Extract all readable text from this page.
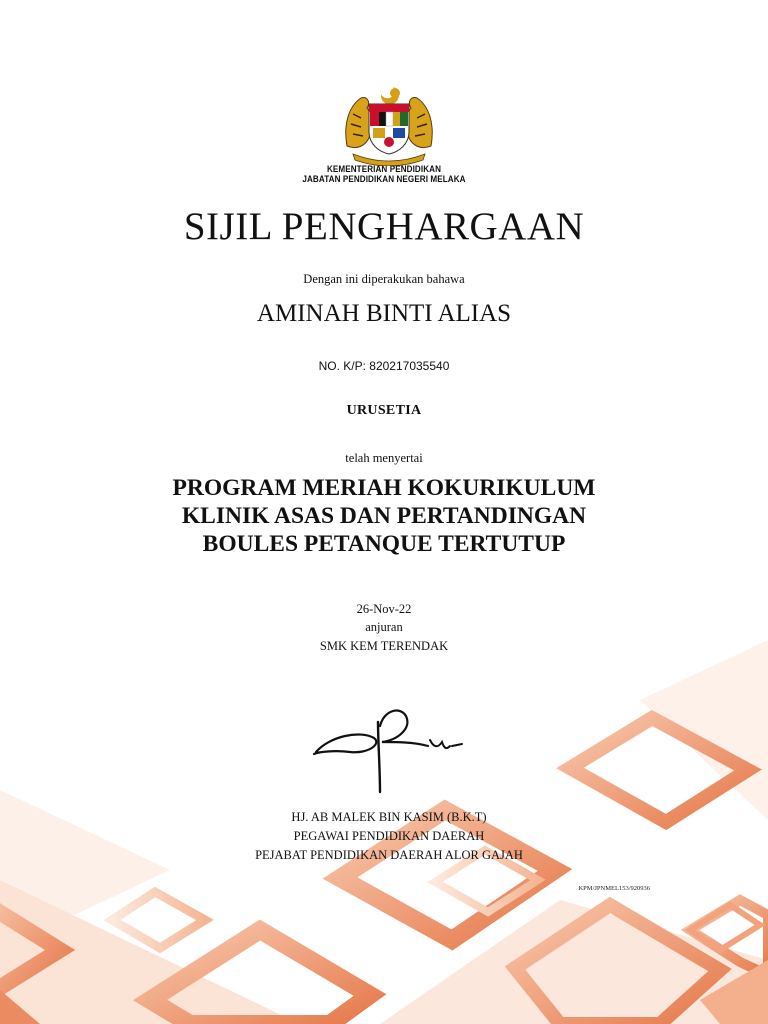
KEMENTERIAN PENDIDIKAN
JABATAN PENDIDIKAN NEGERI MELAKA
SIJIL PENGHARGAAN
Dengan ini diperakukan bahawa
AMINAH BINTI ALIAS
NO. K/P: 820217035540
URUSETIA
telah menyertai
PROGRAM MERIAH KOKURIKULUM
KLINIK ASAS DAN PERTANDINGAN
BOULES PETANQUE TERTUTUP
26-Nov-22
anjuran
SMK KEM TERENDAK
HJ. AB MALEK BIN KASIM (B.K.T)
PEGAWAI PENDIDIKAN DAERAH
PEJABAT PENDIDIKAN DAERAH ALOR GAJAH
KPM/JPNMEL153/920936
